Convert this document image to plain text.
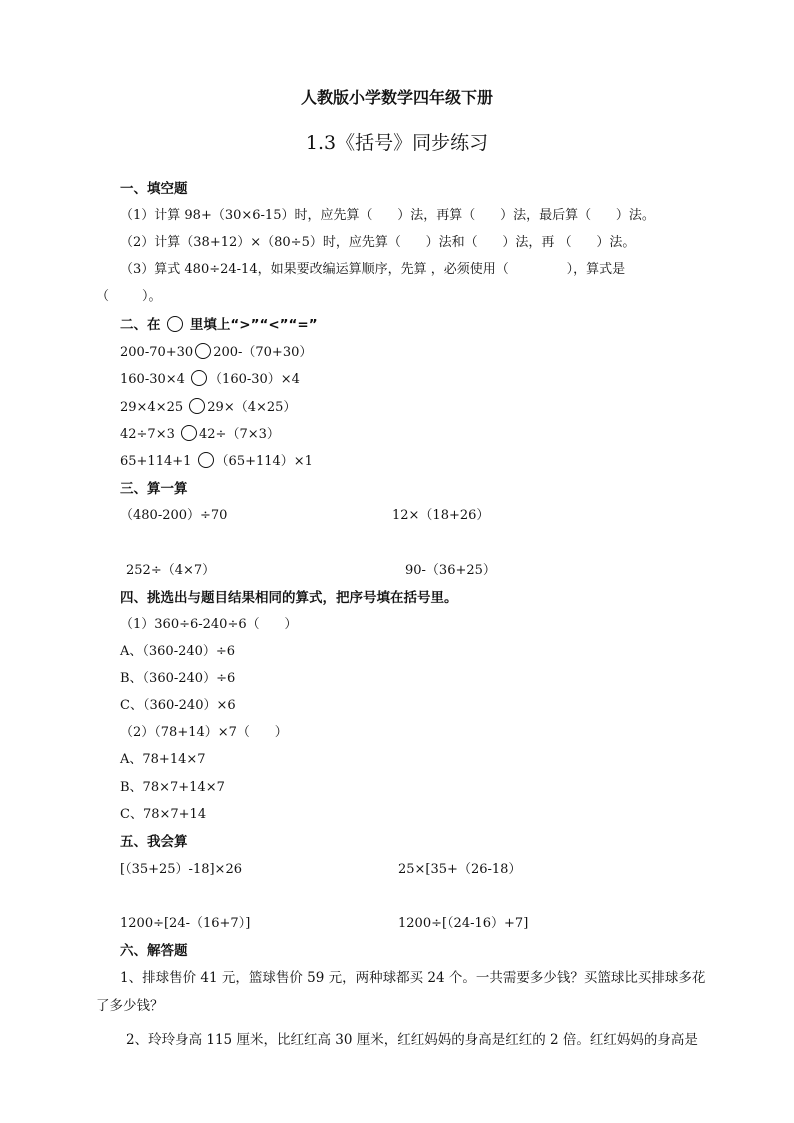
人教版小学数学四年级下册
1.3《括号》同步练习
一、填空题
（1）计算 98+（30×6-15）时，应先算（      ）法，再算（      ）法，最后算（      ）法。
（2）计算（38+12）×（80÷5）时，应先算（      ）法和（      ）法，再 （      ）法。
（3）算式 480÷24-14，如果要改编运算顺序，先算 ，必须使用（              ），算式是
（        ）。
二、在 里填上“>”“<”“=”
200-70+30 200-（70+30）
160-30×4 （160-30）×4
29×4×25 29×（4×25）
42÷7×3 42÷（7×3）
65+114+1 （65+114）×1
三、算一算
（480-200）÷70	12×（18+26）
252÷（4×7）	90-（36+25）
四、挑选出与题目结果相同的算式，把序号填在括号里。
（1）360÷6-240÷6（      ）
A、（360-240）÷6
B、（360-240）÷6
C、（360-240）×6
（2）（78+14）×7（      ）
A、78+14×7
B、78×7+14×7
C、78×7+14
五、我会算
[（35+25）-18]×26	25×[35+（26-18）
1200÷[24-（16+7）]	1200÷[（24-16）+7]
六、解答题
1、排球售价 41 元，篮球售价 59 元，两种球都买 24 个。一共需要多少钱？买篮球比买排球多花
了多少钱？
2、玲玲身高 115 厘米，比红红高 30 厘米，红红妈妈的身高是红红的 2 倍。红红妈妈的身高是
